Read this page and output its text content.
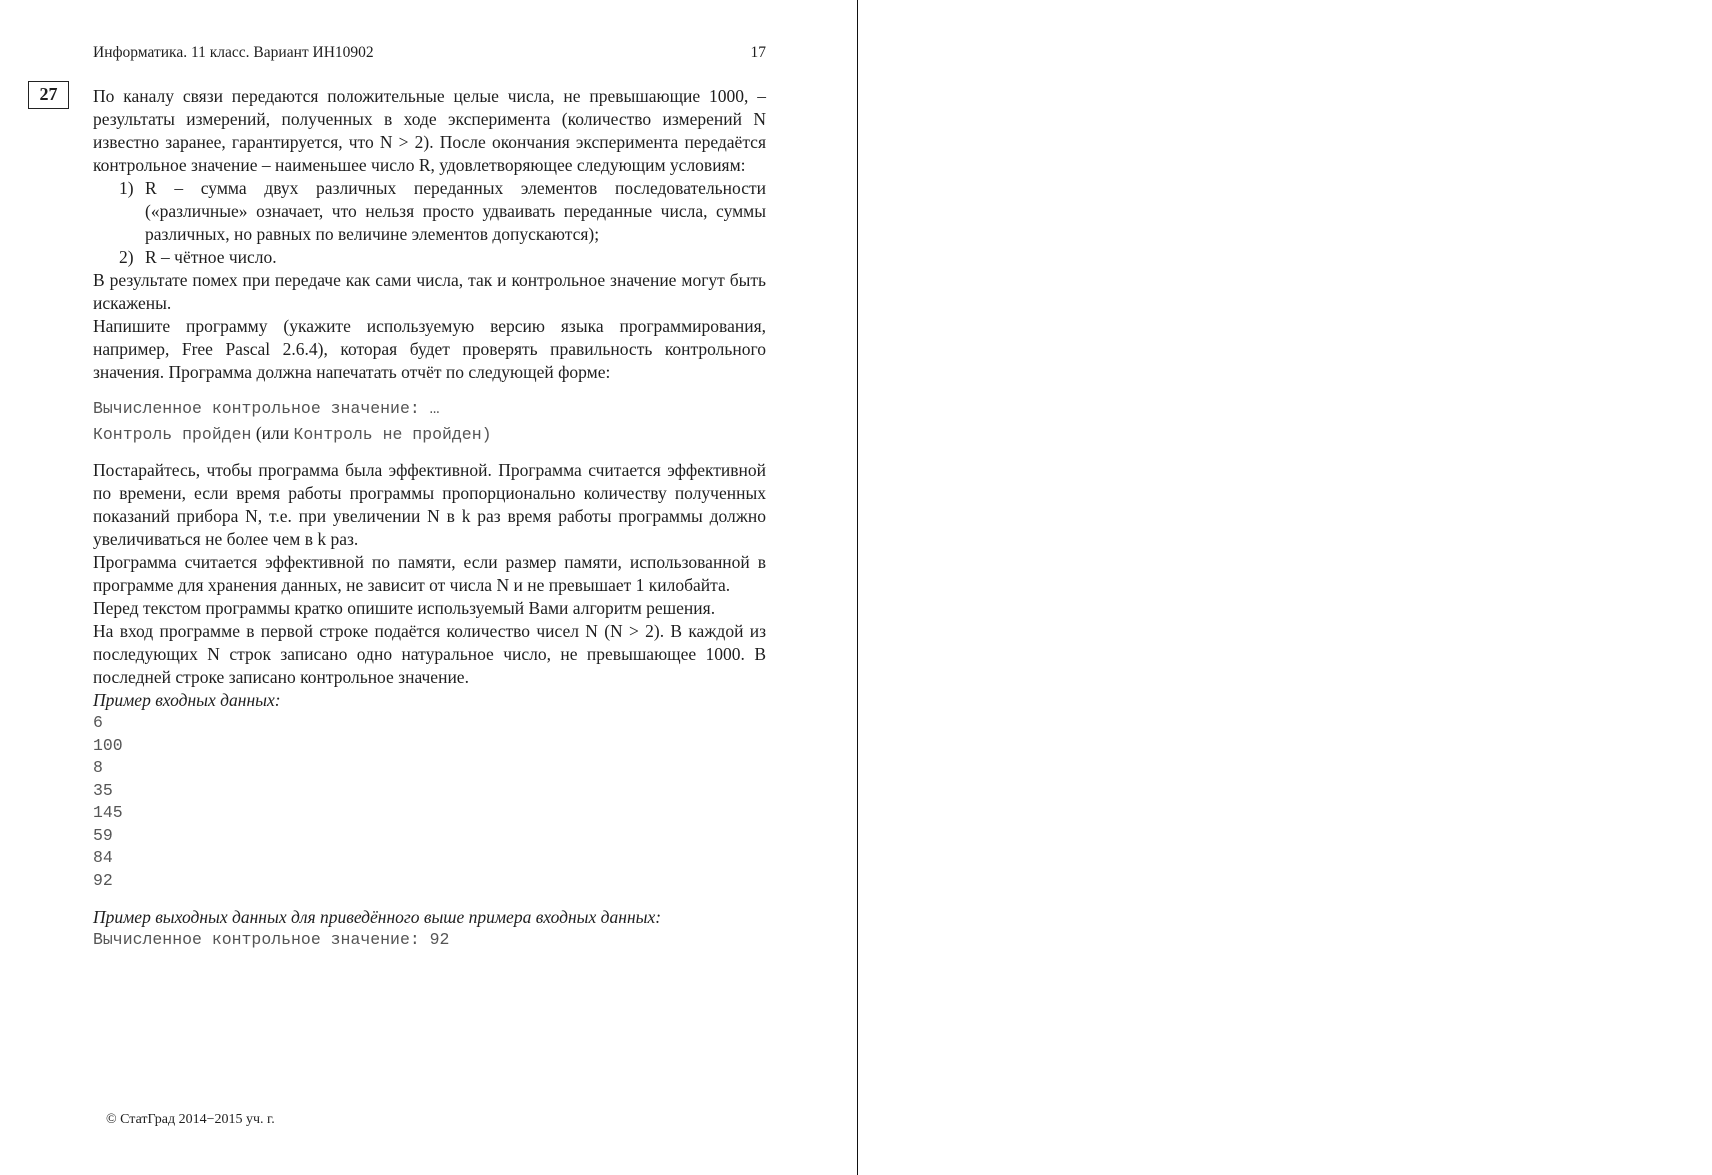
Информатика. 11 класс. Вариант ИН10902	17
27	По каналу связи передаются положительные целые числа, не превышающие 1000, – результаты измерений, полученных в ходе эксперимента (количество измерений N известно заранее, гарантируется, что N > 2). После окончания эксперимента передаётся контрольное значение – наименьшее число R, удовлетворяющее следующим условиям:

1) R – сумма двух различных переданных элементов последовательности («различные» означает, что нельзя просто удваивать переданные числа, суммы различных, но равных по величине элементов допускаются);
2) R – чётное число.

В результате помех при передаче как сами числа, так и контрольное значение могут быть искажены.

Напишите программу (укажите используемую версию языка программирования, например, Free Pascal 2.6.4), которая будет проверять правильность контрольного значения. Программа должна напечатать отчёт по следующей форме:

Вычисленное контрольное значение: …
Контроль пройден (или Контроль не пройден)

Постарайтесь, чтобы программа была эффективной. Программа считается эффективной по времени, если время работы программы пропорционально количеству полученных показаний прибора N, т.е. при увеличении N в k раз время работы программы должно увеличиваться не более чем в k раз.

Программа считается эффективной по памяти, если размер памяти, использованной в программе для хранения данных, не зависит от числа N и не превышает 1 килобайта.

Перед текстом программы кратко опишите используемый Вами алгоритм решения.

На вход программе в первой строке подаётся количество чисел N (N > 2). В каждой из последующих N строк записано одно натуральное число, не превышающее 1000. В последней строке записано контрольное значение.

Пример входных данных:

6
100
8
35
145
59
84
92

Пример выходных данных для приведённого выше примера входных данных:

Вычисленное контрольное значение: 92
© СтатГрад 2014−2015 уч. г.
